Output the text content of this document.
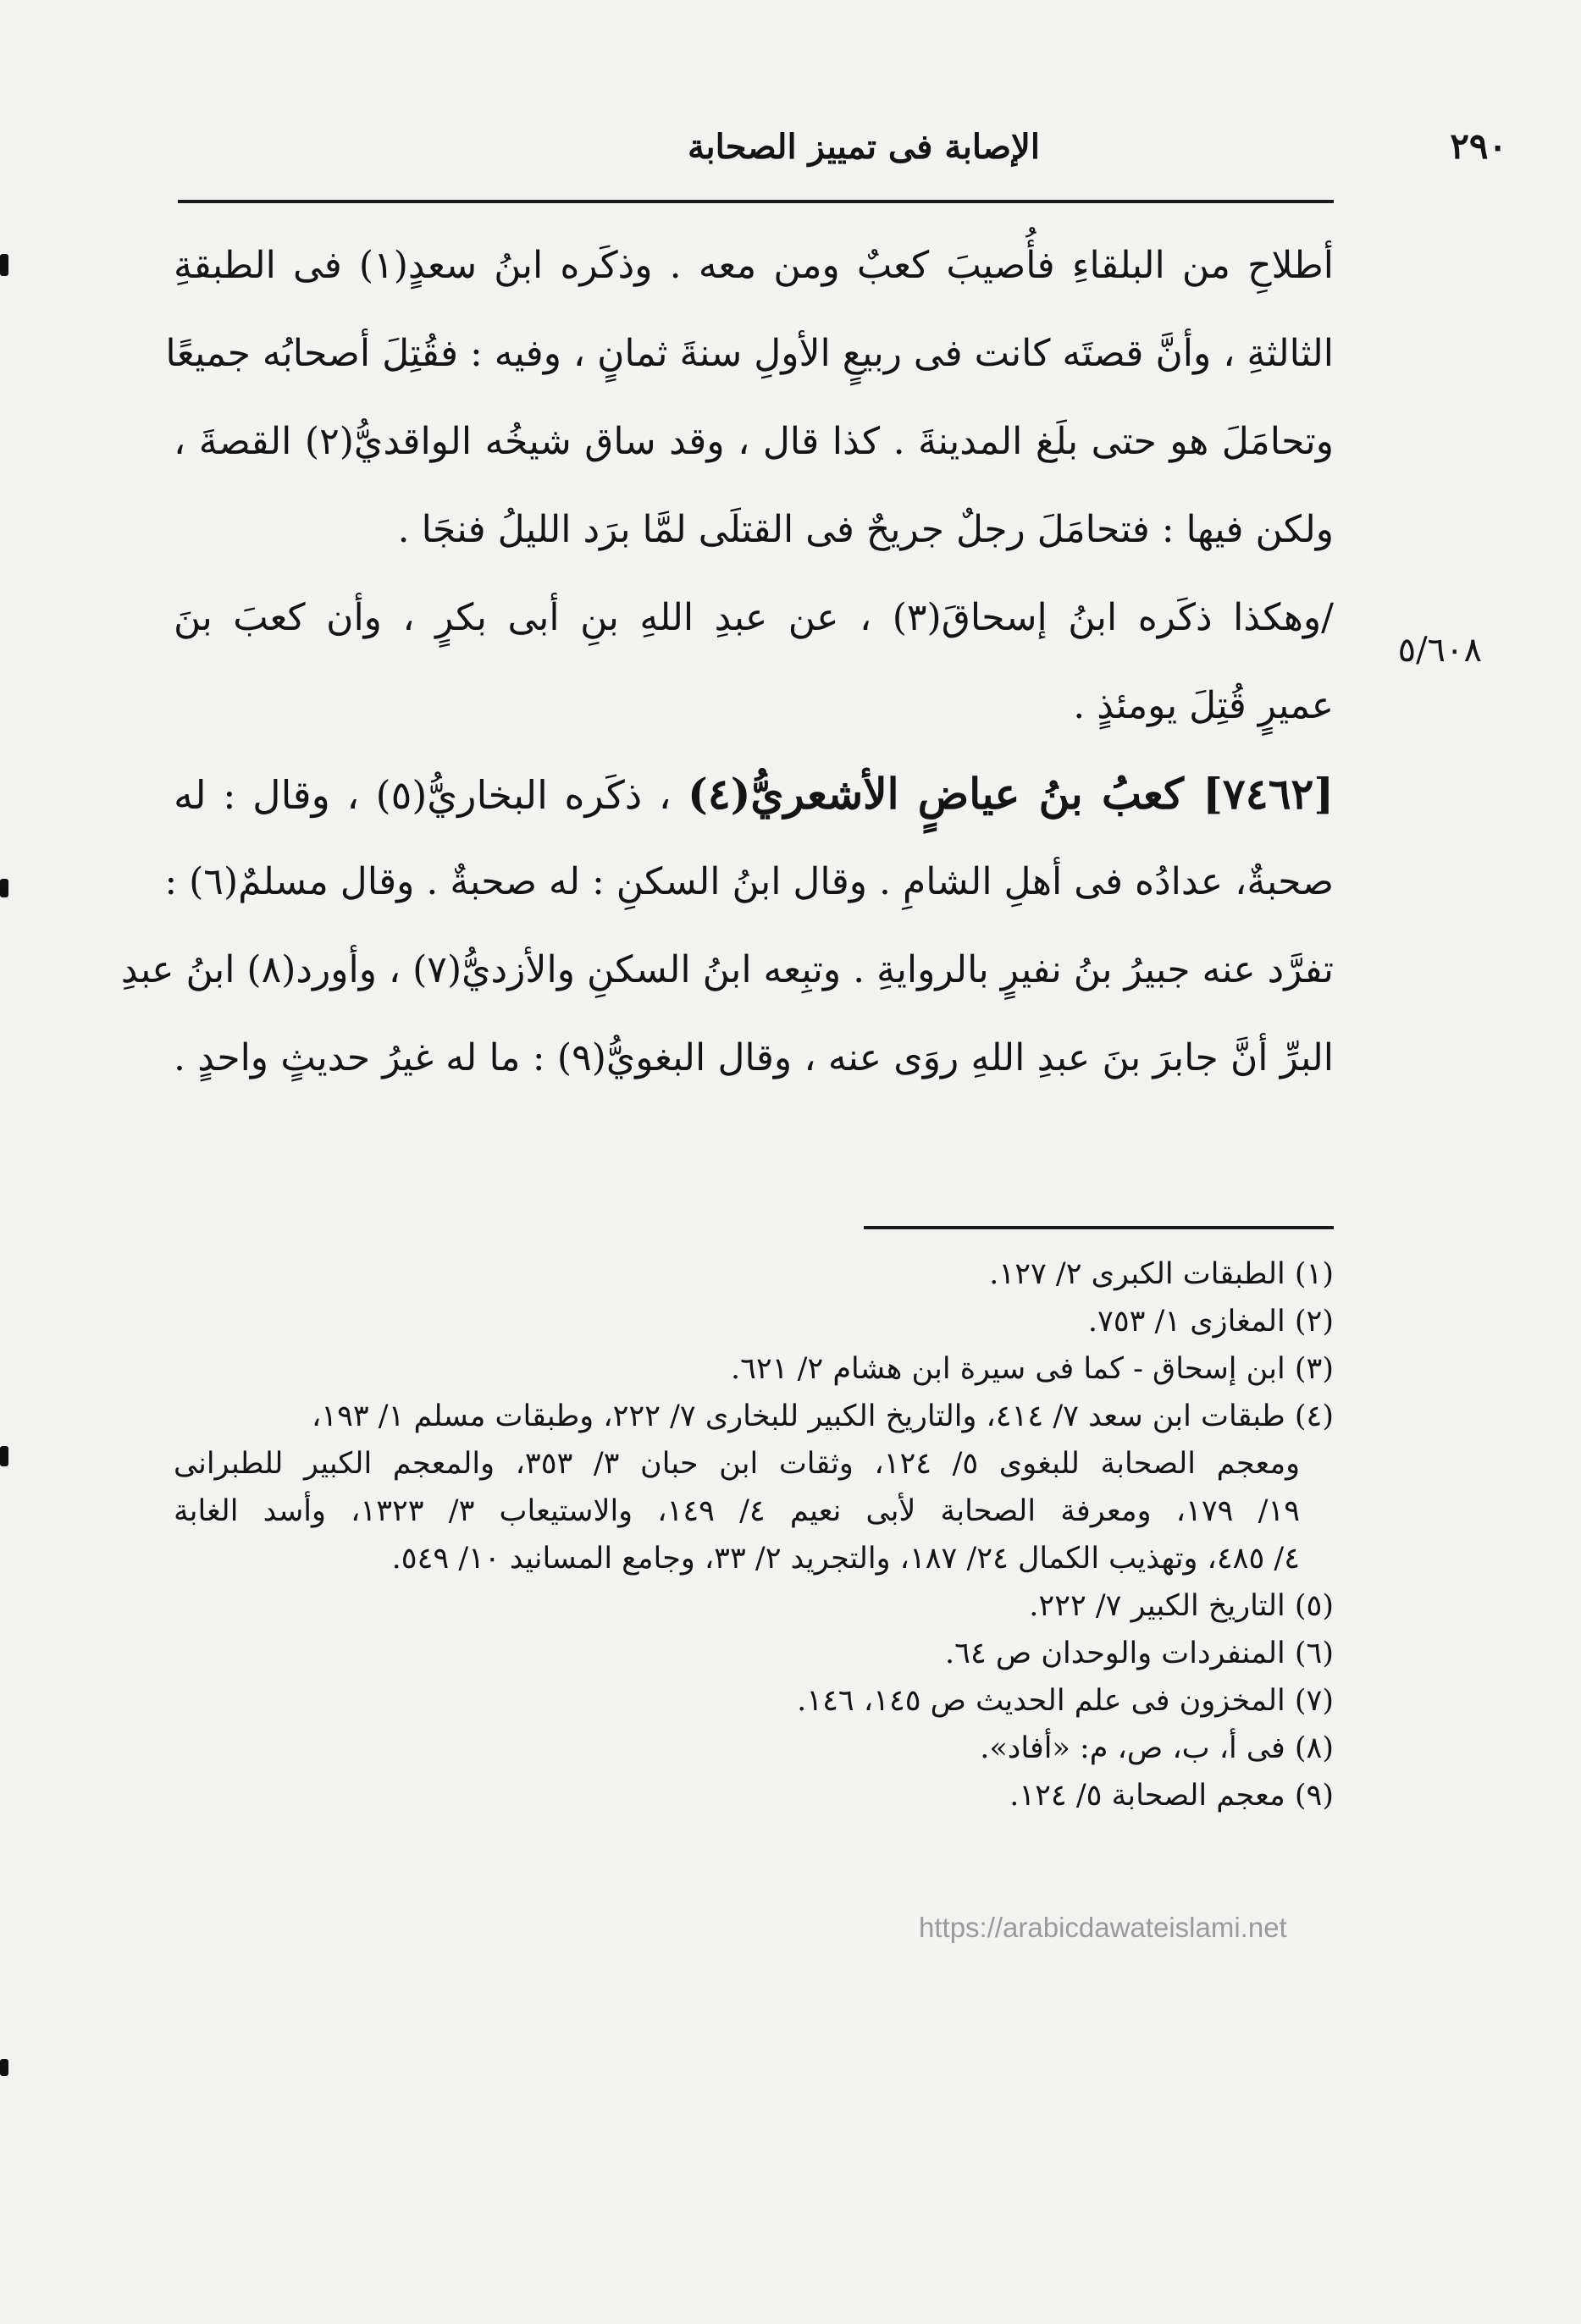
٢٩٠
الإصابة فى تمييز الصحابة
٥/٦٠٨
أطلاحِ من البلقاءِ فأُصيبَ كعبٌ ومن معه . وذكَره ابنُ سعدٍ(١) فى الطبقةِ
الثالثةِ ، وأنَّ قصتَه كانت فى ربيعٍ الأولِ سنةَ ثمانٍ ، وفيه : فقُتِلَ أصحابُه جميعًا
وتحامَلَ هو حتى بلَغ المدينةَ . كذا قال ، وقد ساق شيخُه الواقديُّ(٢) القصةَ ،
ولكن فيها : فتحامَلَ رجلٌ جريحٌ فى القتلَى لمَّا برَد الليلُ فنجَا .
/وهكذا ذكَره ابنُ إسحاقَ(٣) ، عن عبدِ اللهِ بنِ أبى بكرٍ ، وأن كعبَ بنَ
عميرٍ قُتِلَ يومئذٍ .
[٧٤٦٢] كعبُ بنُ عياضٍ الأشعريُّ(٤) ، ذكَره البخاريُّ(٥) ، وقال : له
صحبةٌ، عدادُه فى أهلِ الشامِ . وقال ابنُ السكنِ : له صحبةٌ . وقال مسلمٌ(٦) :
تفرَّد عنه جبيرُ بنُ نفيرٍ بالروايةِ . وتبِعه ابنُ السكنِ والأزديُّ(٧) ، وأورد(٨) ابنُ عبدِ
البرِّ أنَّ جابرَ بنَ عبدِ اللهِ روَى عنه ، وقال البغويُّ(٩) : ما له غيرُ حديثٍ واحدٍ .
(١) الطبقات الكبرى ٢/ ١٢٧.
(٢) المغازى ١/ ٧٥٣.
(٣) ابن إسحاق - كما فى سيرة ابن هشام ٢/ ٦٢١.
(٤) طبقات ابن سعد ٧/ ٤١٤، والتاريخ الكبير للبخارى ٧/ ٢٢٢، وطبقات مسلم ١/ ١٩٣،
ومعجم الصحابة للبغوى ٥/ ١٢٤، وثقات ابن حبان ٣/ ٣٥٣، والمعجم الكبير للطبرانى
١٩/ ١٧٩، ومعرفة الصحابة لأبى نعيم ٤/ ١٤٩، والاستيعاب ٣/ ١٣٢٣، وأسد الغابة
٤/ ٤٨٥، وتهذيب الكمال ٢٤/ ١٨٧، والتجريد ٢/ ٣٣، وجامع المسانيد ١٠/ ٥٤٩.
(٥) التاريخ الكبير ٧/ ٢٢٢.
(٦) المنفردات والوحدان ص ٦٤.
(٧) المخزون فى علم الحديث ص ١٤٥، ١٤٦.
(٨) فى أ، ب، ص، م: «أفاد».
(٩) معجم الصحابة ٥/ ١٢٤.
https://arabicdawateislami.net
